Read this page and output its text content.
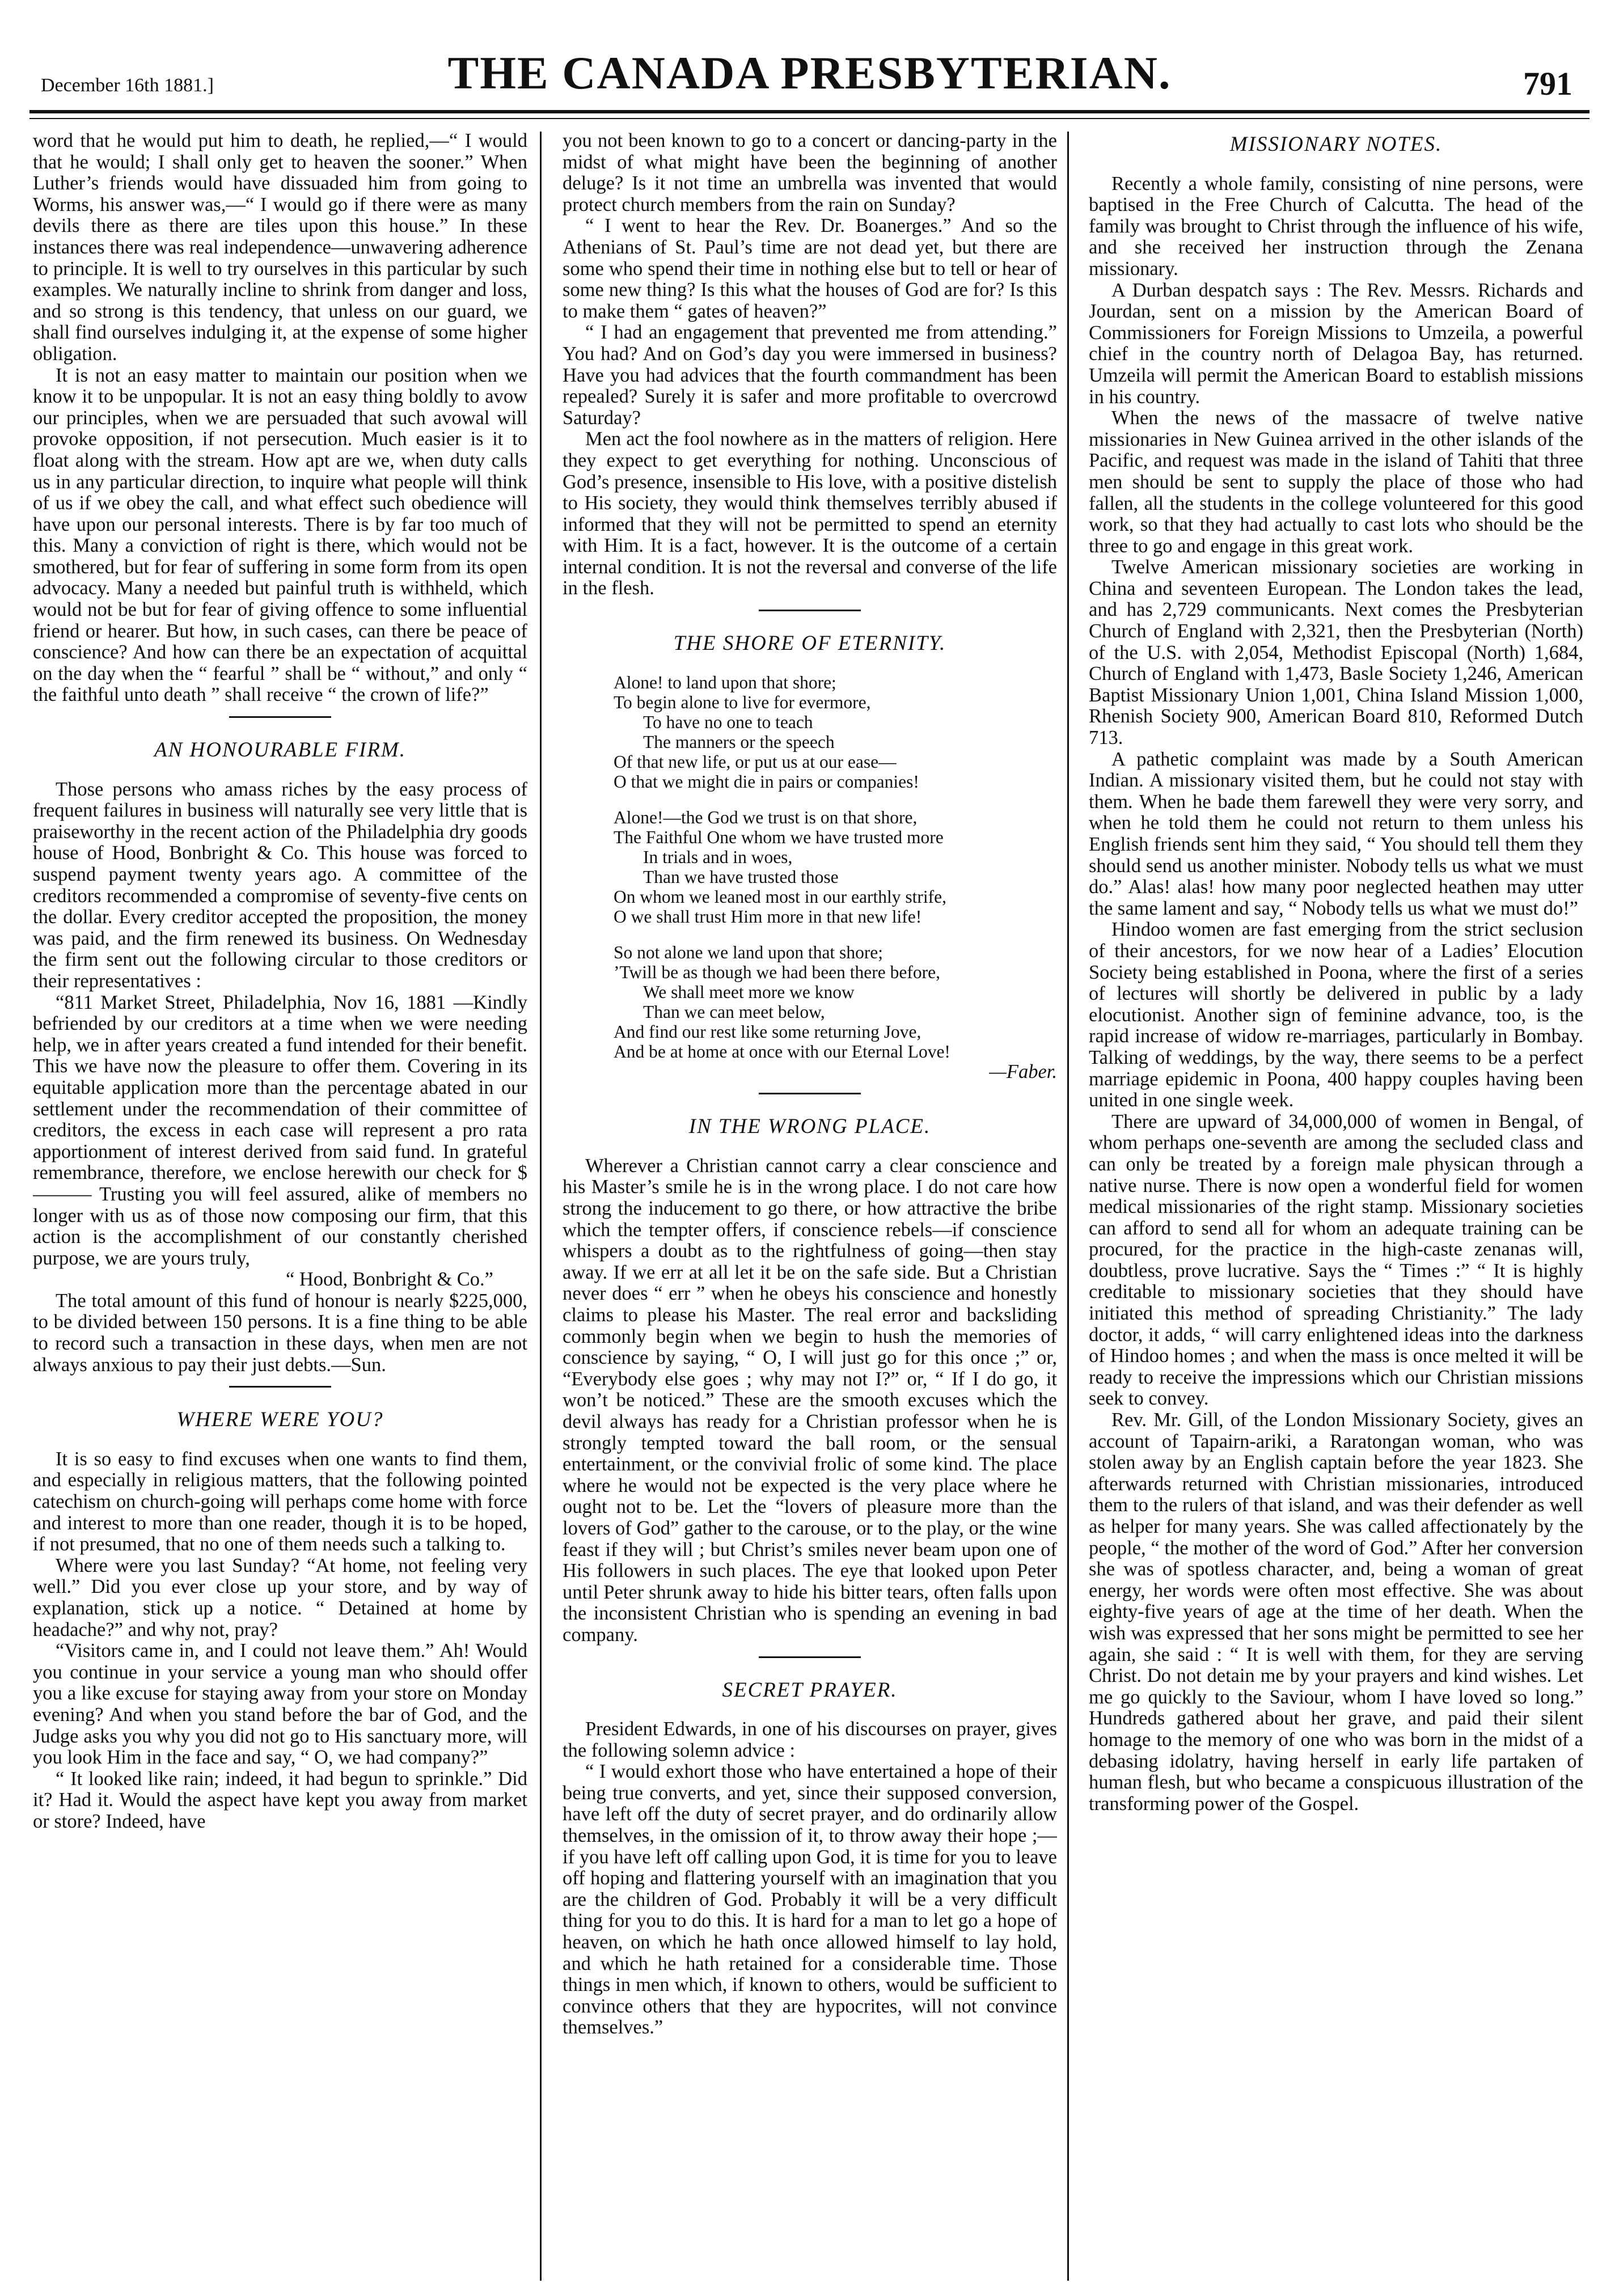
December 16th 1881.]	THE CANADA PRESBYTERIAN.	791

word that he would put him to death, he replied,—“ I would that he would; I shall only get to heaven the sooner.” When Luther’s friends would have dissuaded him from going to Worms, his answer was,—“ I would go if there were as many devils there as there are tiles upon this house.” In these instances there was real independence—unwavering adherence to principle. It is well to try ourselves in this particular by such examples. We naturally incline to shrink from danger and loss, and so strong is this tendency, that unless on our guard, we shall find ourselves indulging it, at the expense of some higher obligation.

It is not an easy matter to maintain our position when we know it to be unpopular. It is not an easy thing boldly to avow our principles, when we are persuaded that such avowal will provoke opposition, if not persecution. Much easier is it to float along with the stream. How apt are we, when duty calls us in any particular direction, to inquire what people will think of us if we obey the call, and what effect such obedience will have upon our personal interests. There is by far too much of this. Many a conviction of right is there, which would not be smothered, but for fear of suffering in some form from its open advocacy. Many a needed but painful truth is withheld, which would not be but for fear of giving offence to some influential friend or hearer. But how, in such cases, can there be peace of conscience? And how can there be an expectation of acquittal on the day when the “ fearful ” shall be “ without,” and only “ the faithful unto death ” shall receive “ the crown of life?”

AN HONOURABLE FIRM.

Those persons who amass riches by the easy process of frequent failures in business will naturally see very little that is praiseworthy in the recent action of the Philadelphia dry goods house of Hood, Bonbright & Co. This house was forced to suspend payment twenty years ago. A committee of the creditors recommended a compromise of seventy-five cents on the dollar. Every creditor accepted the proposition, the money was paid, and the firm renewed its business. On Wednesday the firm sent out the following circular to those creditors or their representatives :

“811 Market Street, Philadelphia, Nov 16, 1881 —Kindly befriended by our creditors at a time when we were needing help, we in after years created a fund intended for their benefit. This we have now the pleasure to offer them. Covering in its equitable application more than the percentage abated in our settlement under the recommendation of their committee of creditors, the excess in each case will represent a pro rata apportionment of interest derived from said fund. In grateful remembrance, therefore, we enclose herewith our check for $——— Trusting you will feel assured, alike of members no longer with us as of those now composing our firm, that this action is the accomplishment of our constantly cherished purpose, we are yours truly,

“ Hood, Bonbright & Co.”

The total amount of this fund of honour is nearly $225,000, to be divided between 150 persons. It is a fine thing to be able to record such a transaction in these days, when men are not always anxious to pay their just debts.—Sun.

WHERE WERE YOU?

It is so easy to find excuses when one wants to find them, and especially in religious matters, that the following pointed catechism on church-going will perhaps come home with force and interest to more than one reader, though it is to be hoped, if not presumed, that no one of them needs such a talking to.

Where were you last Sunday? “At home, not feeling very well.” Did you ever close up your store, and by way of explanation, stick up a notice. “ Detained at home by headache?” and why not, pray?

“Visitors came in, and I could not leave them.” Ah! Would you continue in your service a young man who should offer you a like excuse for staying away from your store on Monday evening? And when you stand before the bar of God, and the Judge asks you why you did not go to His sanctuary more, will you look Him in the face and say, “ O, we had company?”

“ It looked like rain; indeed, it had begun to sprinkle.” Did it? Had it. Would the aspect have kept you away from market or store? Indeed, have

you not been known to go to a concert or dancing-party in the midst of what might have been the beginning of another deluge? Is it not time an umbrella was invented that would protect church members from the rain on Sunday?

“ I went to hear the Rev. Dr. Boanerges.” And so the Athenians of St. Paul’s time are not dead yet, but there are some who spend their time in nothing else but to tell or hear of some new thing? Is this what the houses of God are for? Is this to make them “ gates of heaven?”

“ I had an engagement that prevented me from attending.” You had? And on God’s day you were immersed in business? Have you had advices that the fourth commandment has been repealed? Surely it is safer and more profitable to overcrowd Saturday?

Men act the fool nowhere as in the matters of religion. Here they expect to get everything for nothing. Unconscious of God’s presence, insensible to His love, with a positive distelish to His society, they would think themselves terribly abused if informed that they will not be permitted to spend an eternity with Him. It is a fact, however. It is the outcome of a certain internal condition. It is not the reversal and converse of the life in the flesh.

THE SHORE OF ETERNITY.
Alone! to land upon that shore;
To begin alone to live for evermore,
To have no one to teach
The manners or the speech
Of that new life, or put us at our ease—
O that we might die in pairs or companies!
Alone!—the God we trust is on that shore,
The Faithful One whom we have trusted more
In trials and in woes,
Than we have trusted those
On whom we leaned most in our earthly strife,
O we shall trust Him more in that new life!
So not alone we land upon that shore;
’Twill be as though we had been there before,
We shall meet more we know
Than we can meet below,
And find our rest like some returning Jove,
And be at home at once with our Eternal Love!

—Faber.

IN THE WRONG PLACE.

Wherever a Christian cannot carry a clear conscience and his Master’s smile he is in the wrong place. I do not care how strong the inducement to go there, or how attractive the bribe which the tempter offers, if conscience rebels—if conscience whispers a doubt as to the rightfulness of going—then stay away. If we err at all let it be on the safe side. But a Christian never does “ err ” when he obeys his conscience and honestly claims to please his Master. The real error and backsliding commonly begin when we begin to hush the memories of conscience by saying, “ O, I will just go for this once ;” or, “Everybody else goes ; why may not I?” or, “ If I do go, it won’t be noticed.” These are the smooth excuses which the devil always has ready for a Christian professor when he is strongly tempted toward the ball room, or the sensual entertainment, or the convivial frolic of some kind. The place where he would not be expected is the very place where he ought not to be. Let the “lovers of pleasure more than the lovers of God” gather to the carouse, or to the play, or the wine feast if they will ; but Christ’s smiles never beam upon one of His followers in such places. The eye that looked upon Peter until Peter shrunk away to hide his bitter tears, often falls upon the inconsistent Christian who is spending an evening in bad company.

SECRET PRAYER.

President Edwards, in one of his discourses on prayer, gives the following solemn advice :

“ I would exhort those who have entertained a hope of their being true converts, and yet, since their supposed conversion, have left off the duty of secret prayer, and do ordinarily allow themselves, in the omission of it, to throw away their hope ;—if you have left off calling upon God, it is time for you to leave off hoping and flattering yourself with an imagination that you are the children of God. Probably it will be a very difficult thing for you to do this. It is hard for a man to let go a hope of heaven, on which he hath once allowed himself to lay hold, and which he hath retained for a considerable time. Those things in men which, if known to others, would be sufficient to convince others that they are hypocrites, will not convince themselves.”

MISSIONARY NOTES.

Recently a whole family, consisting of nine persons, were baptised in the Free Church of Calcutta. The head of the family was brought to Christ through the influence of his wife, and she received her instruction through the Zenana missionary.

A Durban despatch says : The Rev. Messrs. Richards and Jourdan, sent on a mission by the American Board of Commissioners for Foreign Missions to Umzeila, a powerful chief in the country north of Delagoa Bay, has returned. Umzeila will permit the American Board to establish missions in his country.

When the news of the massacre of twelve native missionaries in New Guinea arrived in the other islands of the Pacific, and request was made in the island of Tahiti that three men should be sent to supply the place of those who had fallen, all the students in the college volunteered for this good work, so that they had actually to cast lots who should be the three to go and engage in this great work.

Twelve American missionary societies are working in China and seventeen European. The London takes the lead, and has 2,729 communicants. Next comes the Presbyterian Church of England with 2,321, then the Presbyterian (North) of the U.S. with 2,054, Methodist Episcopal (North) 1,684, Church of England with 1,473, Basle Society 1,246, American Baptist Missionary Union 1,001, China Island Mission 1,000, Rhenish Society 900, American Board 810, Reformed Dutch 713.

A pathetic complaint was made by a South American Indian. A missionary visited them, but he could not stay with them. When he bade them farewell they were very sorry, and when he told them he could not return to them unless his English friends sent him they said, “ You should tell them they should send us another minister. Nobody tells us what we must do.” Alas! alas! how many poor neglected heathen may utter the same lament and say, “ Nobody tells us what we must do!”

Hindoo women are fast emerging from the strict seclusion of their ancestors, for we now hear of a Ladies’ Elocution Society being established in Poona, where the first of a series of lectures will shortly be delivered in public by a lady elocutionist. Another sign of feminine advance, too, is the rapid increase of widow re-marriages, particularly in Bombay. Talking of weddings, by the way, there seems to be a perfect marriage epidemic in Poona, 400 happy couples having been united in one single week.

There are upward of 34,000,000 of women in Bengal, of whom perhaps one-seventh are among the secluded class and can only be treated by a foreign male physican through a native nurse. There is now open a wonderful field for women medical missionaries of the right stamp. Missionary societies can afford to send all for whom an adequate training can be procured, for the practice in the high-caste zenanas will, doubtless, prove lucrative. Says the “ Times :” “ It is highly creditable to missionary societies that they should have initiated this method of spreading Christianity.” The lady doctor, it adds, “ will carry enlightened ideas into the darkness of Hindoo homes ; and when the mass is once melted it will be ready to receive the impressions which our Christian missions seek to convey.

Rev. Mr. Gill, of the London Missionary Society, gives an account of Tapairn-ariki, a Raratongan woman, who was stolen away by an English captain before the year 1823. She afterwards returned with Christian missionaries, introduced them to the rulers of that island, and was their defender as well as helper for many years. She was called affectionately by the people, “ the mother of the word of God.” After her conversion she was of spotless character, and, being a woman of great energy, her words were often most effective. She was about eighty-five years of age at the time of her death. When the wish was expressed that her sons might be permitted to see her again, she said : “ It is well with them, for they are serving Christ. Do not detain me by your prayers and kind wishes. Let me go quickly to the Saviour, whom I have loved so long.” Hundreds gathered about her grave, and paid their silent homage to the memory of one who was born in the midst of a debasing idolatry, having herself in early life partaken of human flesh, but who became a conspicuous illustration of the transforming power of the Gospel.
